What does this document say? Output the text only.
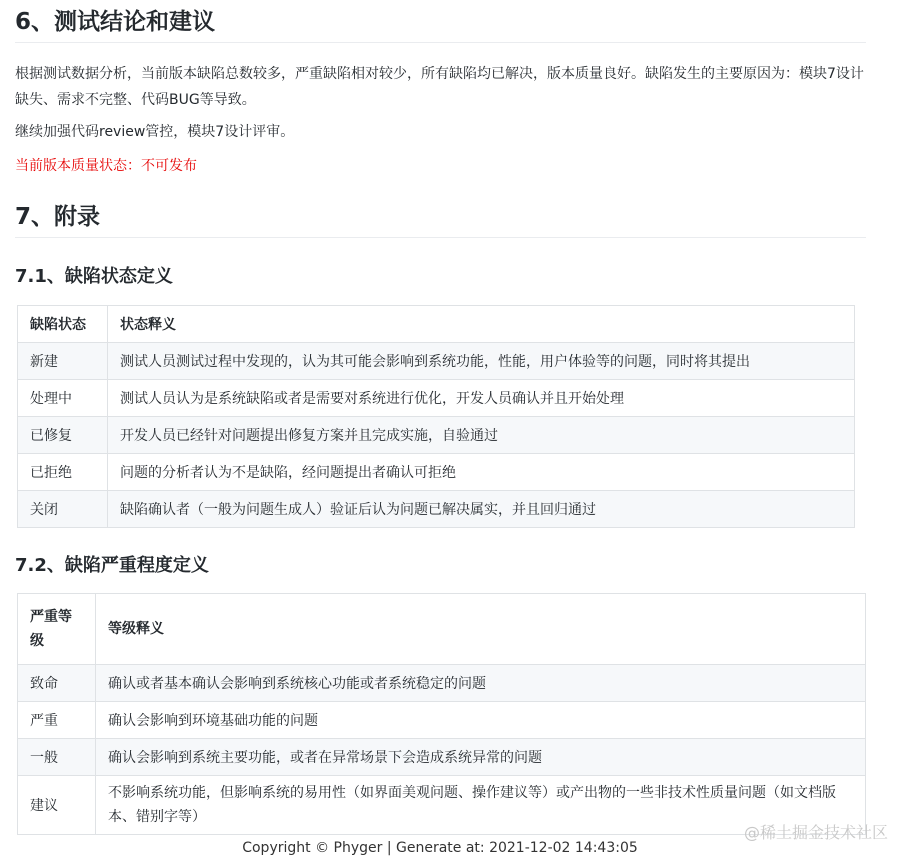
6、测试结论和建议

根据测试数据分析，当前版本缺陷总数较多，严重缺陷相对较少，所有缺陷均已解决，版本质量良好。缺陷发生的主要原因为：模块7设计缺失、需求不完整、代码BUG等导致。

继续加强代码review管控，模块7设计评审。

当前版本质量状态：不可发布

7、附录
7.1、缺陷状态定义
缺陷状态	状态释义
新建	测试人员测试过程中发现的，认为其可能会影响到系统功能，性能，用户体验等的问题，同时将其提出
处理中	测试人员认为是系统缺陷或者是需要对系统进行优化，开发人员确认并且开始处理
已修复	开发人员已经针对问题提出修复方案并且完成实施，自验通过
已拒绝	问题的分析者认为不是缺陷，经问题提出者确认可拒绝
关闭	缺陷确认者（一般为问题生成人）验证后认为问题已解决属实，并且回归通过
7.2、缺陷严重程度定义
严重等级	等级释义
致命	确认或者基本确认会影响到系统核心功能或者系统稳定的问题
严重	确认会影响到环境基础功能的问题
一般	确认会影响到系统主要功能，或者在异常场景下会造成系统异常的问题
建议	不影响系统功能，但影响系统的易用性（如界面美观问题、操作建议等）或产出物的一些非技术性质量问题（如文档版本、错别字等）
@稀土掘金技术社区
Copyright © Phyger | Generate at: 2021-12-02 14:43:05
